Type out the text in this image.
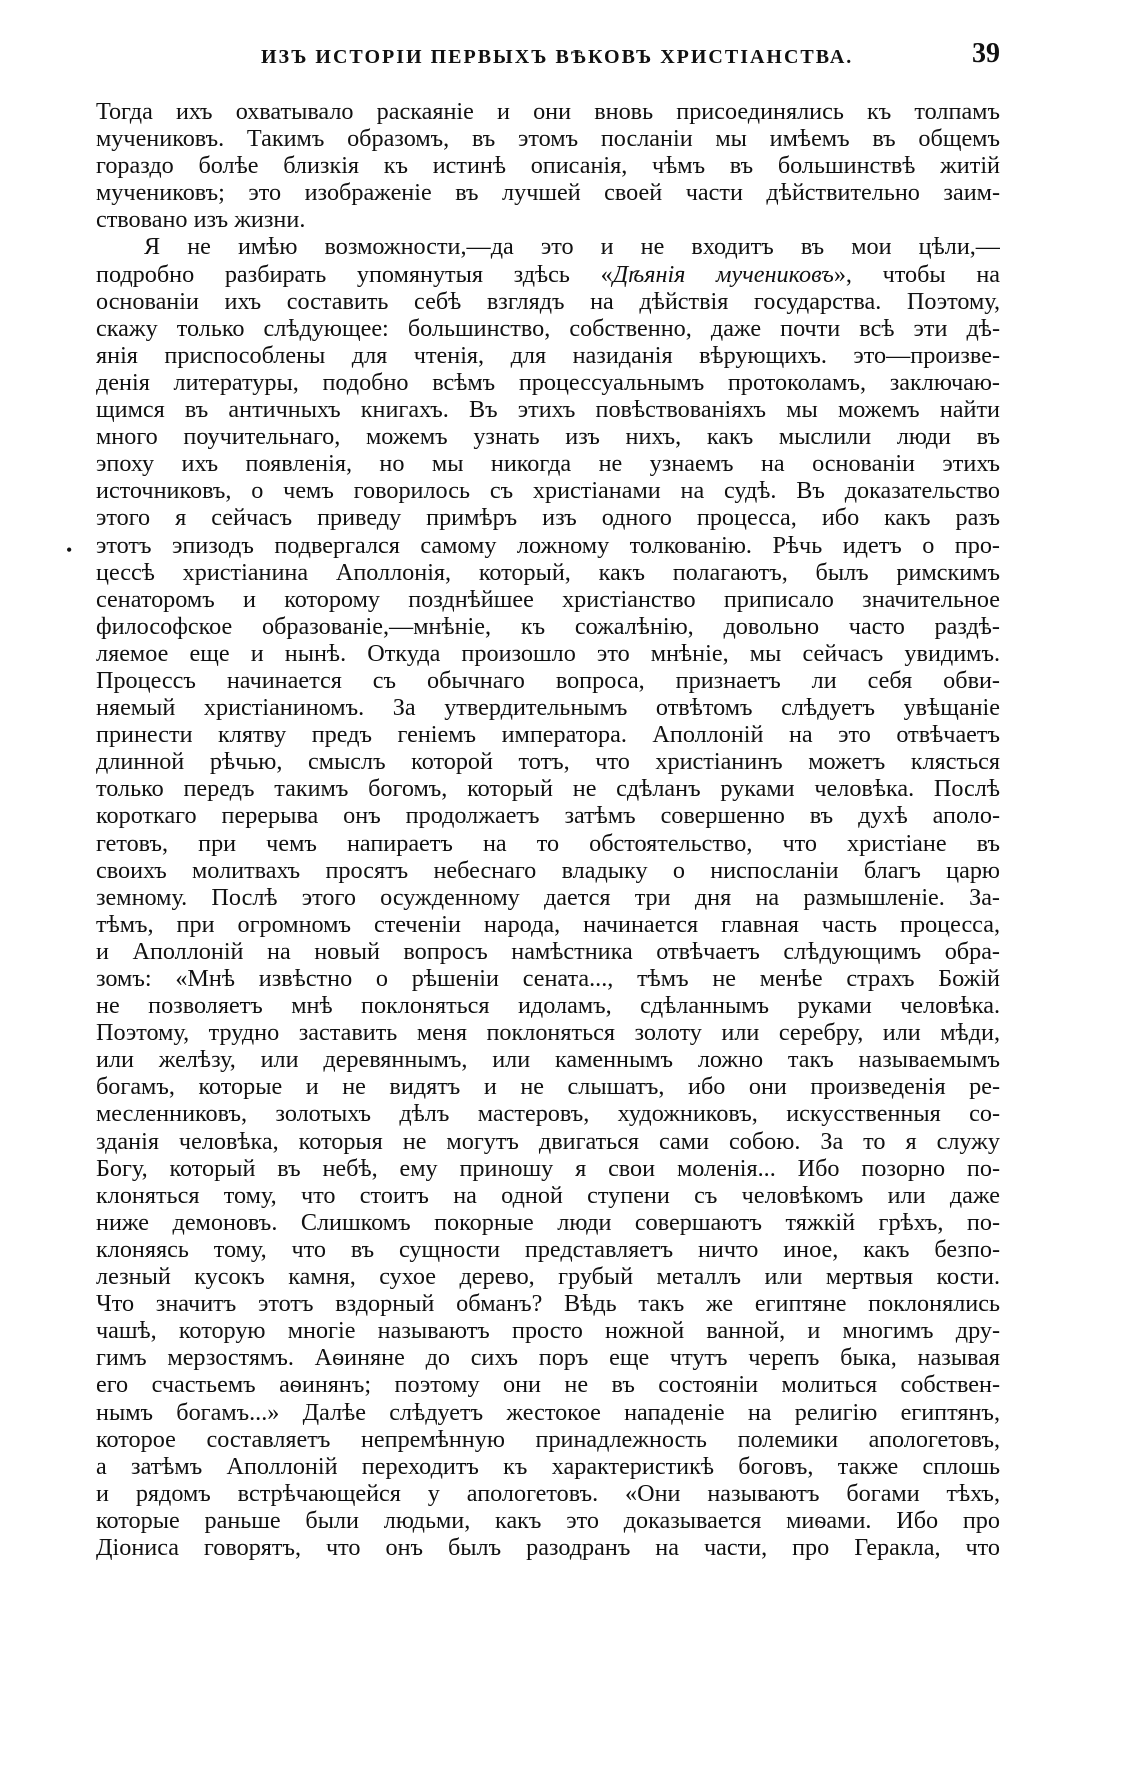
ИЗЪ ИСТОРІИ ПЕРВЫХЪ ВѢКОВЪ ХРИСТІАНСТВА.	39
•
Тогда ихъ охватывало раскаяніе и они вновь присоединялись къ толпамъ
мучениковъ. Такимъ образомъ, въ этомъ посланіи мы имѣемъ въ общемъ
гораздо болѣе близкія къ истинѣ описанія, чѣмъ въ большинствѣ житій
мучениковъ; это изображеніе въ лучшей своей части дѣйствительно заим-
ствовано изъ жизни.
Я не имѣю возможности,—да это и не входитъ въ мои цѣли,—
подробно разбирать упомянутыя здѣсь «Дѣянія мучениковъ», чтобы на
основаніи ихъ составить себѣ взглядъ на дѣйствія государства. Поэтому,
скажу только слѣдующее: большинство, собственно, даже почти всѣ эти дѣ-
янія приспособлены для чтенія, для назиданія вѣрующихъ. это—произве-
денія литературы, подобно всѣмъ процессуальнымъ протоколамъ, заключаю-
щимся въ античныхъ книгахъ. Въ этихъ повѣствованіяхъ мы можемъ найти
много поучительнаго, можемъ узнать изъ нихъ, какъ мыслили люди въ
эпоху ихъ появленія, но мы никогда не узнаемъ на основаніи этихъ
источниковъ, о чемъ говорилось съ христіанами на судѣ. Въ доказательство
этого я сейчасъ приведу примѣръ изъ одного процесса, ибо какъ разъ
этотъ эпизодъ подвергался самому ложному толкованію. Рѣчь идетъ о про-
цессѣ христіанина Аполлонія, который, какъ полагаютъ, былъ римскимъ
сенаторомъ и которому позднѣйшее христіанство приписало значительное
философское образованіе,—мнѣніе, къ сожалѣнію, довольно часто раздѣ-
ляемое еще и нынѣ. Откуда произошло это мнѣніе, мы сейчасъ увидимъ.
Процессъ начинается съ обычнаго вопроса, признаетъ ли себя обви-
няемый христіаниномъ. За утвердительнымъ отвѣтомъ слѣдуетъ увѣщаніе
принести клятву предъ геніемъ императора. Аполлоній на это отвѣчаетъ
длинной рѣчью, смыслъ которой тотъ, что христіанинъ можетъ клясться
только передъ такимъ богомъ, который не сдѣланъ руками человѣка. Послѣ
короткаго перерыва онъ продолжаетъ затѣмъ совершенно въ духѣ аполо-
гетовъ, при чемъ напираетъ на то обстоятельство, что христіане въ
своихъ молитвахъ просятъ небеснаго владыку о ниспосланіи благъ царю
земному. Послѣ этого осужденному дается три дня на размышленіе. За-
тѣмъ, при огромномъ стеченіи народа, начинается главная часть процесса,
и Аполлоній на новый вопросъ намѣстника отвѣчаетъ слѣдующимъ обра-
зомъ: «Мнѣ извѣстно о рѣшеніи сената..., тѣмъ не менѣе страхъ Божій
не позволяетъ мнѣ поклоняться идоламъ, сдѣланнымъ руками человѣка.
Поэтому, трудно заставить меня поклоняться золоту или серебру, или мѣди,
или желѣзу, или деревяннымъ, или каменнымъ ложно такъ называемымъ
богамъ, которые и не видятъ и не слышатъ, ибо они произведенія ре-
месленниковъ, золотыхъ дѣлъ мастеровъ, художниковъ, искусственныя со-
зданія человѣка, которыя не могутъ двигаться сами собою. За то я служу
Богу, который въ небѣ, ему приношу я свои моленія... Ибо позорно по-
клоняться тому, что стоитъ на одной ступени съ человѣкомъ или даже
ниже демоновъ. Слишкомъ покорные люди совершаютъ тяжкій грѣхъ, по-
клоняясь тому, что въ сущности представляетъ ничто иное, какъ безпо-
лезный кусокъ камня, сухое дерево, грубый металлъ или мертвыя кости.
Что значитъ этотъ вздорный обманъ? Вѣдь такъ же египтяне поклонялись
чашѣ, которую многіе называютъ просто ножной ванной, и многимъ дру-
гимъ мерзостямъ. Аѳиняне до сихъ поръ еще чтутъ черепъ быка, называя
его счастьемъ аѳинянъ; поэтому они не въ состояніи молиться собствен-
нымъ богамъ...» Далѣе слѣдуетъ жестокое нападеніе на религію египтянъ,
которое составляетъ непремѣнную принадлежность полемики апологетовъ,
а затѣмъ Аполлоній переходитъ къ характеристикѣ боговъ, также сплошь
и рядомъ встрѣчающейся у апологетовъ. «Они называютъ богами тѣхъ,
которые раньше были людьми, какъ это доказывается миѳами. Ибо про
Діониса говорятъ, что онъ былъ разодранъ на части, про Геракла, что
